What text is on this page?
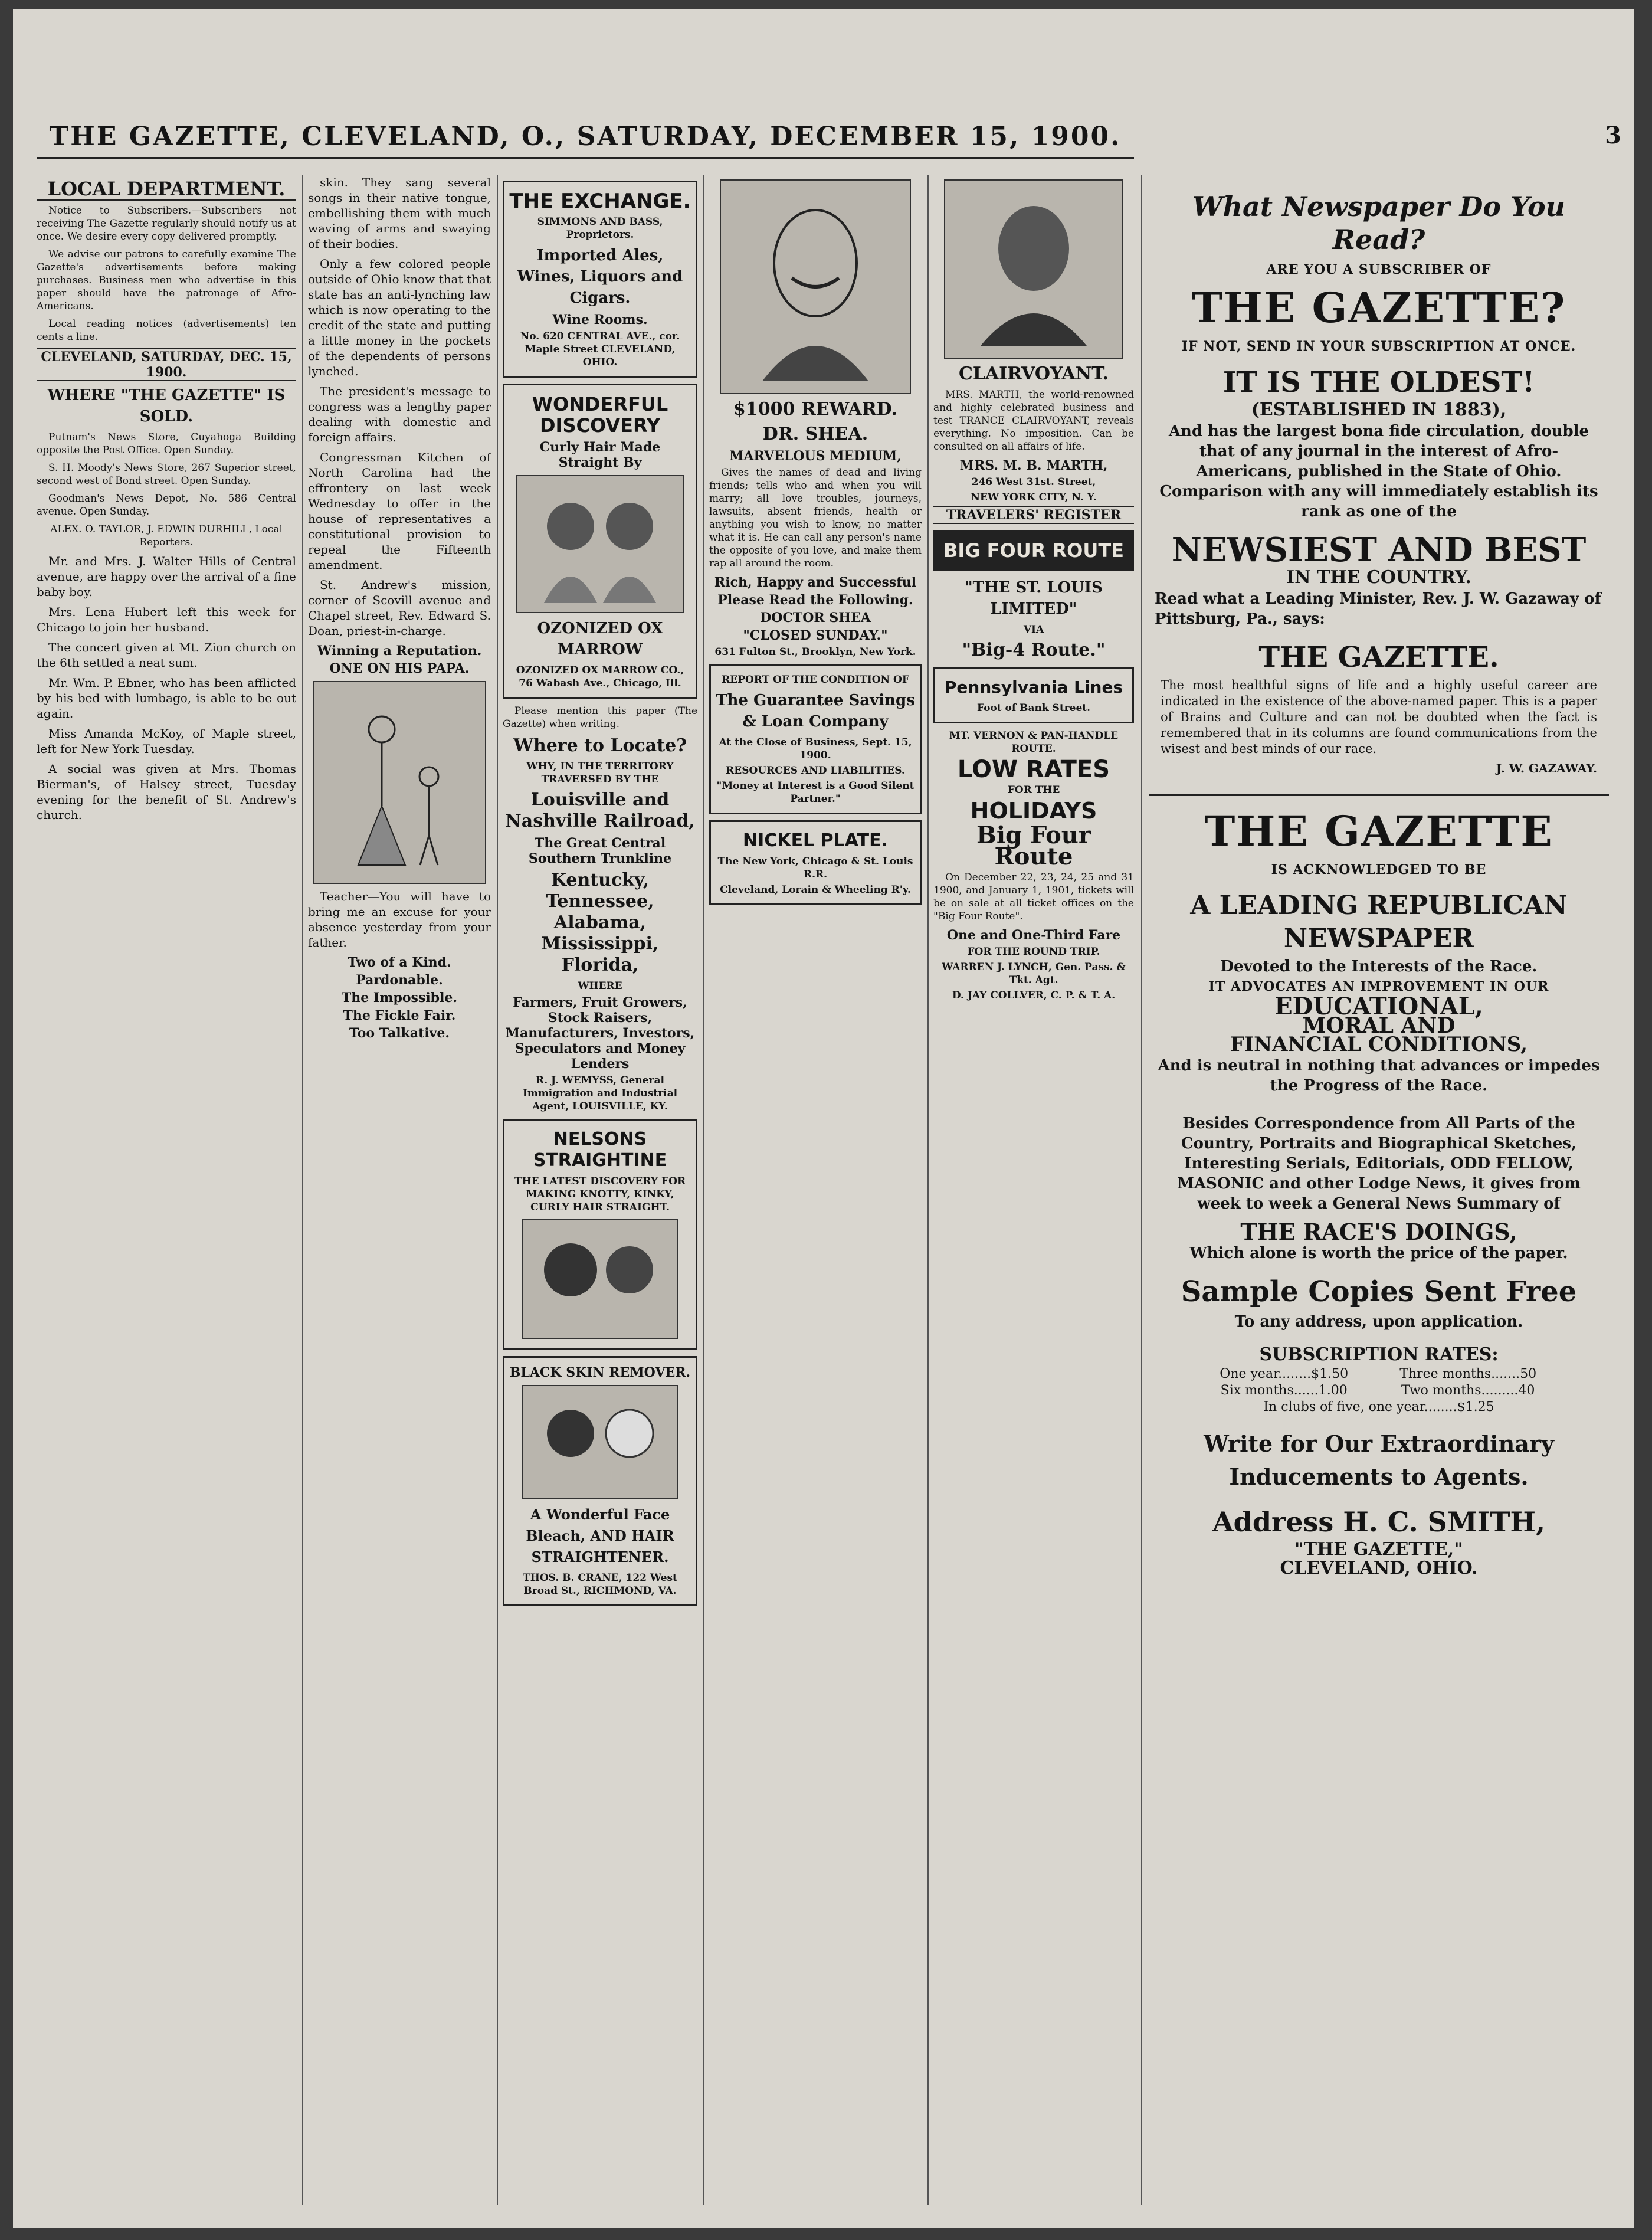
THE GAZETTE, CLEVELAND, O., SATURDAY, DECEMBER 15, 1900.	3
LOCAL DEPARTMENT.

Notice to Subscribers.—Subscribers not receiving The Gazette regularly should notify us at once. We desire every copy delivered promptly.

We advise our patrons to carefully examine The Gazette's advertisements before making purchases. Business men who advertise in this paper should have the patronage of Afro-Americans.

Local reading notices (advertisements) ten cents a line.

CLEVELAND, SATURDAY, DEC. 15, 1900.
WHERE "THE GAZETTE" IS SOLD.

Putnam's News Store, Cuyahoga Building opposite the Post Office. Open Sunday.

S. H. Moody's News Store, 267 Superior street, second west of Bond street. Open Sunday.

Goodman's News Depot, No. 586 Central avenue. Open Sunday.

ALEX. O. TAYLOR, J. EDWIN DURHILL, Local Reporters.

Mr. and Mrs. J. Walter Hills of Central avenue, are happy over the arrival of a fine baby boy.

Mrs. Lena Hubert left this week for Chicago to join her husband.

The concert given at Mt. Zion church on the 6th settled a neat sum.

Mr. Wm. P. Ebner, who has been afflicted by his bed with lumbago, is able to be out again.

Miss Amanda McKoy, of Maple street, left for New York Tuesday.

A social was given at Mrs. Thomas Bierman's, of Halsey street, Tuesday evening for the benefit of St. Andrew's church.

skin. They sang several songs in their native tongue, embellishing them with much waving of arms and swaying of their bodies.

Only a few colored people outside of Ohio know that that state has an anti-lynching law which is now operating to the credit of the state and putting a little money in the pockets of the dependents of persons lynched.

The president's message to congress was a lengthy paper dealing with domestic and foreign affairs.

Congressman Kitchen of North Carolina had the effrontery on last week Wednesday to offer in the house of representatives a constitutional provision to repeal the Fifteenth amendment.

St. Andrew's mission, corner of Scovill avenue and Chapel street, Rev. Edward S. Doan, priest-in-charge.

Winning a Reputation.
ONE ON HIS PAPA.

Teacher—You will have to bring me an excuse for your absence yesterday from your father.

Two of a Kind.
Pardonable.
The Impossible.
The Fickle Fair.
Too Talkative.
THE EXCHANGE.
SIMMONS AND BASS, Proprietors.
Imported Ales, Wines, Liquors and Cigars.
Wine Rooms.
No. 620 CENTRAL AVE., cor. Maple Street CLEVELAND, OHIO.
WONDERFUL DISCOVERY
Curly Hair Made Straight By
OZONIZED OX MARROW
OZONIZED OX MARROW CO., 76 Wabash Ave., Chicago, Ill.

Please mention this paper (The Gazette) when writing.

Where to Locate?
WHY, IN THE TERRITORY TRAVERSED BY THE
Louisville and Nashville Railroad,
The Great Central Southern Trunkline
Kentucky, Tennessee, Alabama, Mississippi, Florida,
WHERE
Farmers, Fruit Growers, Stock Raisers, Manufacturers, Investors, Speculators and Money Lenders
R. J. WEMYSS, General Immigration and Industrial Agent, LOUISVILLE, KY.
NELSONS STRAIGHTINE
THE LATEST DISCOVERY FOR MAKING KNOTTY, KINKY, CURLY HAIR STRAIGHT.
BLACK SKIN REMOVER.
A Wonderful Face Bleach, AND HAIR STRAIGHTENER.
THOS. B. CRANE, 122 West Broad St., RICHMOND, VA.
$1000 REWARD.
DR. SHEA.
MARVELOUS MEDIUM,

Gives the names of dead and living friends; tells who and when you will marry; all love troubles, journeys, lawsuits, absent friends, health or anything you wish to know, no matter what it is. He can call any person's name the opposite of you love, and make them rap all around the room.

Rich, Happy and Successful
Please Read the Following.
DOCTOR SHEA
"CLOSED SUNDAY."
631 Fulton St., Brooklyn, New York.
REPORT OF THE CONDITION OF
The Guarantee Savings & Loan Company
At the Close of Business, Sept. 15, 1900.
RESOURCES AND LIABILITIES.
"Money at Interest is a Good Silent Partner."
NICKEL PLATE.
The New York, Chicago & St. Louis R.R.
Cleveland, Lorain & Wheeling R'y.
CLAIRVOYANT.

MRS. MARTH, the world-renowned and highly celebrated business and test TRANCE CLAIRVOYANT, reveals everything. No imposition. Can be consulted on all affairs of life.

MRS. M. B. MARTH,
246 West 31st. Street,
NEW YORK CITY, N. Y.
TRAVELERS' REGISTER
BIG FOUR ROUTE
"THE ST. LOUIS LIMITED"
VIA
"Big-4 Route."
Pennsylvania Lines
Foot of Bank Street.
MT. VERNON & PAN-HANDLE ROUTE.
LOW RATES
FOR THE
HOLIDAYS
Big Four Route

On December 22, 23, 24, 25 and 31 1900, and January 1, 1901, tickets will be on sale at all ticket offices on the "Big Four Route".

One and One-Third Fare
FOR THE ROUND TRIP.
WARREN J. LYNCH, Gen. Pass. & Tkt. Agt.
D. JAY COLLVER, C. P. & T. A.
What Newspaper Do You Read?
ARE YOU A SUBSCRIBER OF
THE GAZETTE?
IF NOT, SEND IN YOUR SUBSCRIPTION AT ONCE.
IT IS THE OLDEST!
(ESTABLISHED IN 1883),
And has the largest bona fide circulation, double that of any journal in the interest of Afro-Americans, published in the State of Ohio. Comparison with any will immediately establish its rank as one of the
NEWSIEST AND BEST
IN THE COUNTRY.
Read what a Leading Minister, Rev. J. W. Gazaway of Pittsburg, Pa., says:
THE GAZETTE.
The most healthful signs of life and a highly useful career are indicated in the existence of the above-named paper. This is a paper of Brains and Culture and can not be doubted when the fact is remembered that in its columns are found communications from the wisest and best minds of our race.
J. W. GAZAWAY.
THE GAZETTE
IS ACKNOWLEDGED TO BE
A LEADING REPUBLICAN NEWSPAPER
Devoted to the Interests of the Race.
IT ADVOCATES AN IMPROVEMENT IN OUR
EDUCATIONAL,
MORAL AND
FINANCIAL CONDITIONS,
And is neutral in nothing that advances or impedes the Progress of the Race.
Besides Correspondence from All Parts of the Country, Portraits and Biographical Sketches, Interesting Serials, Editorials, ODD FELLOW, MASONIC and other Lodge News, it gives from week to week a General News Summary of
THE RACE'S DOINGS,
Which alone is worth the price of the paper.
Sample Copies Sent Free
To any address, upon application.
SUBSCRIPTION RATES:
One year........$1.50	Three months.......50
Six months......1.00	Two months.........40
In clubs of five, one year........$1.25	
Write for Our Extraordinary Inducements to Agents.
Address H. C. SMITH,
"THE GAZETTE,"
CLEVELAND, OHIO.
